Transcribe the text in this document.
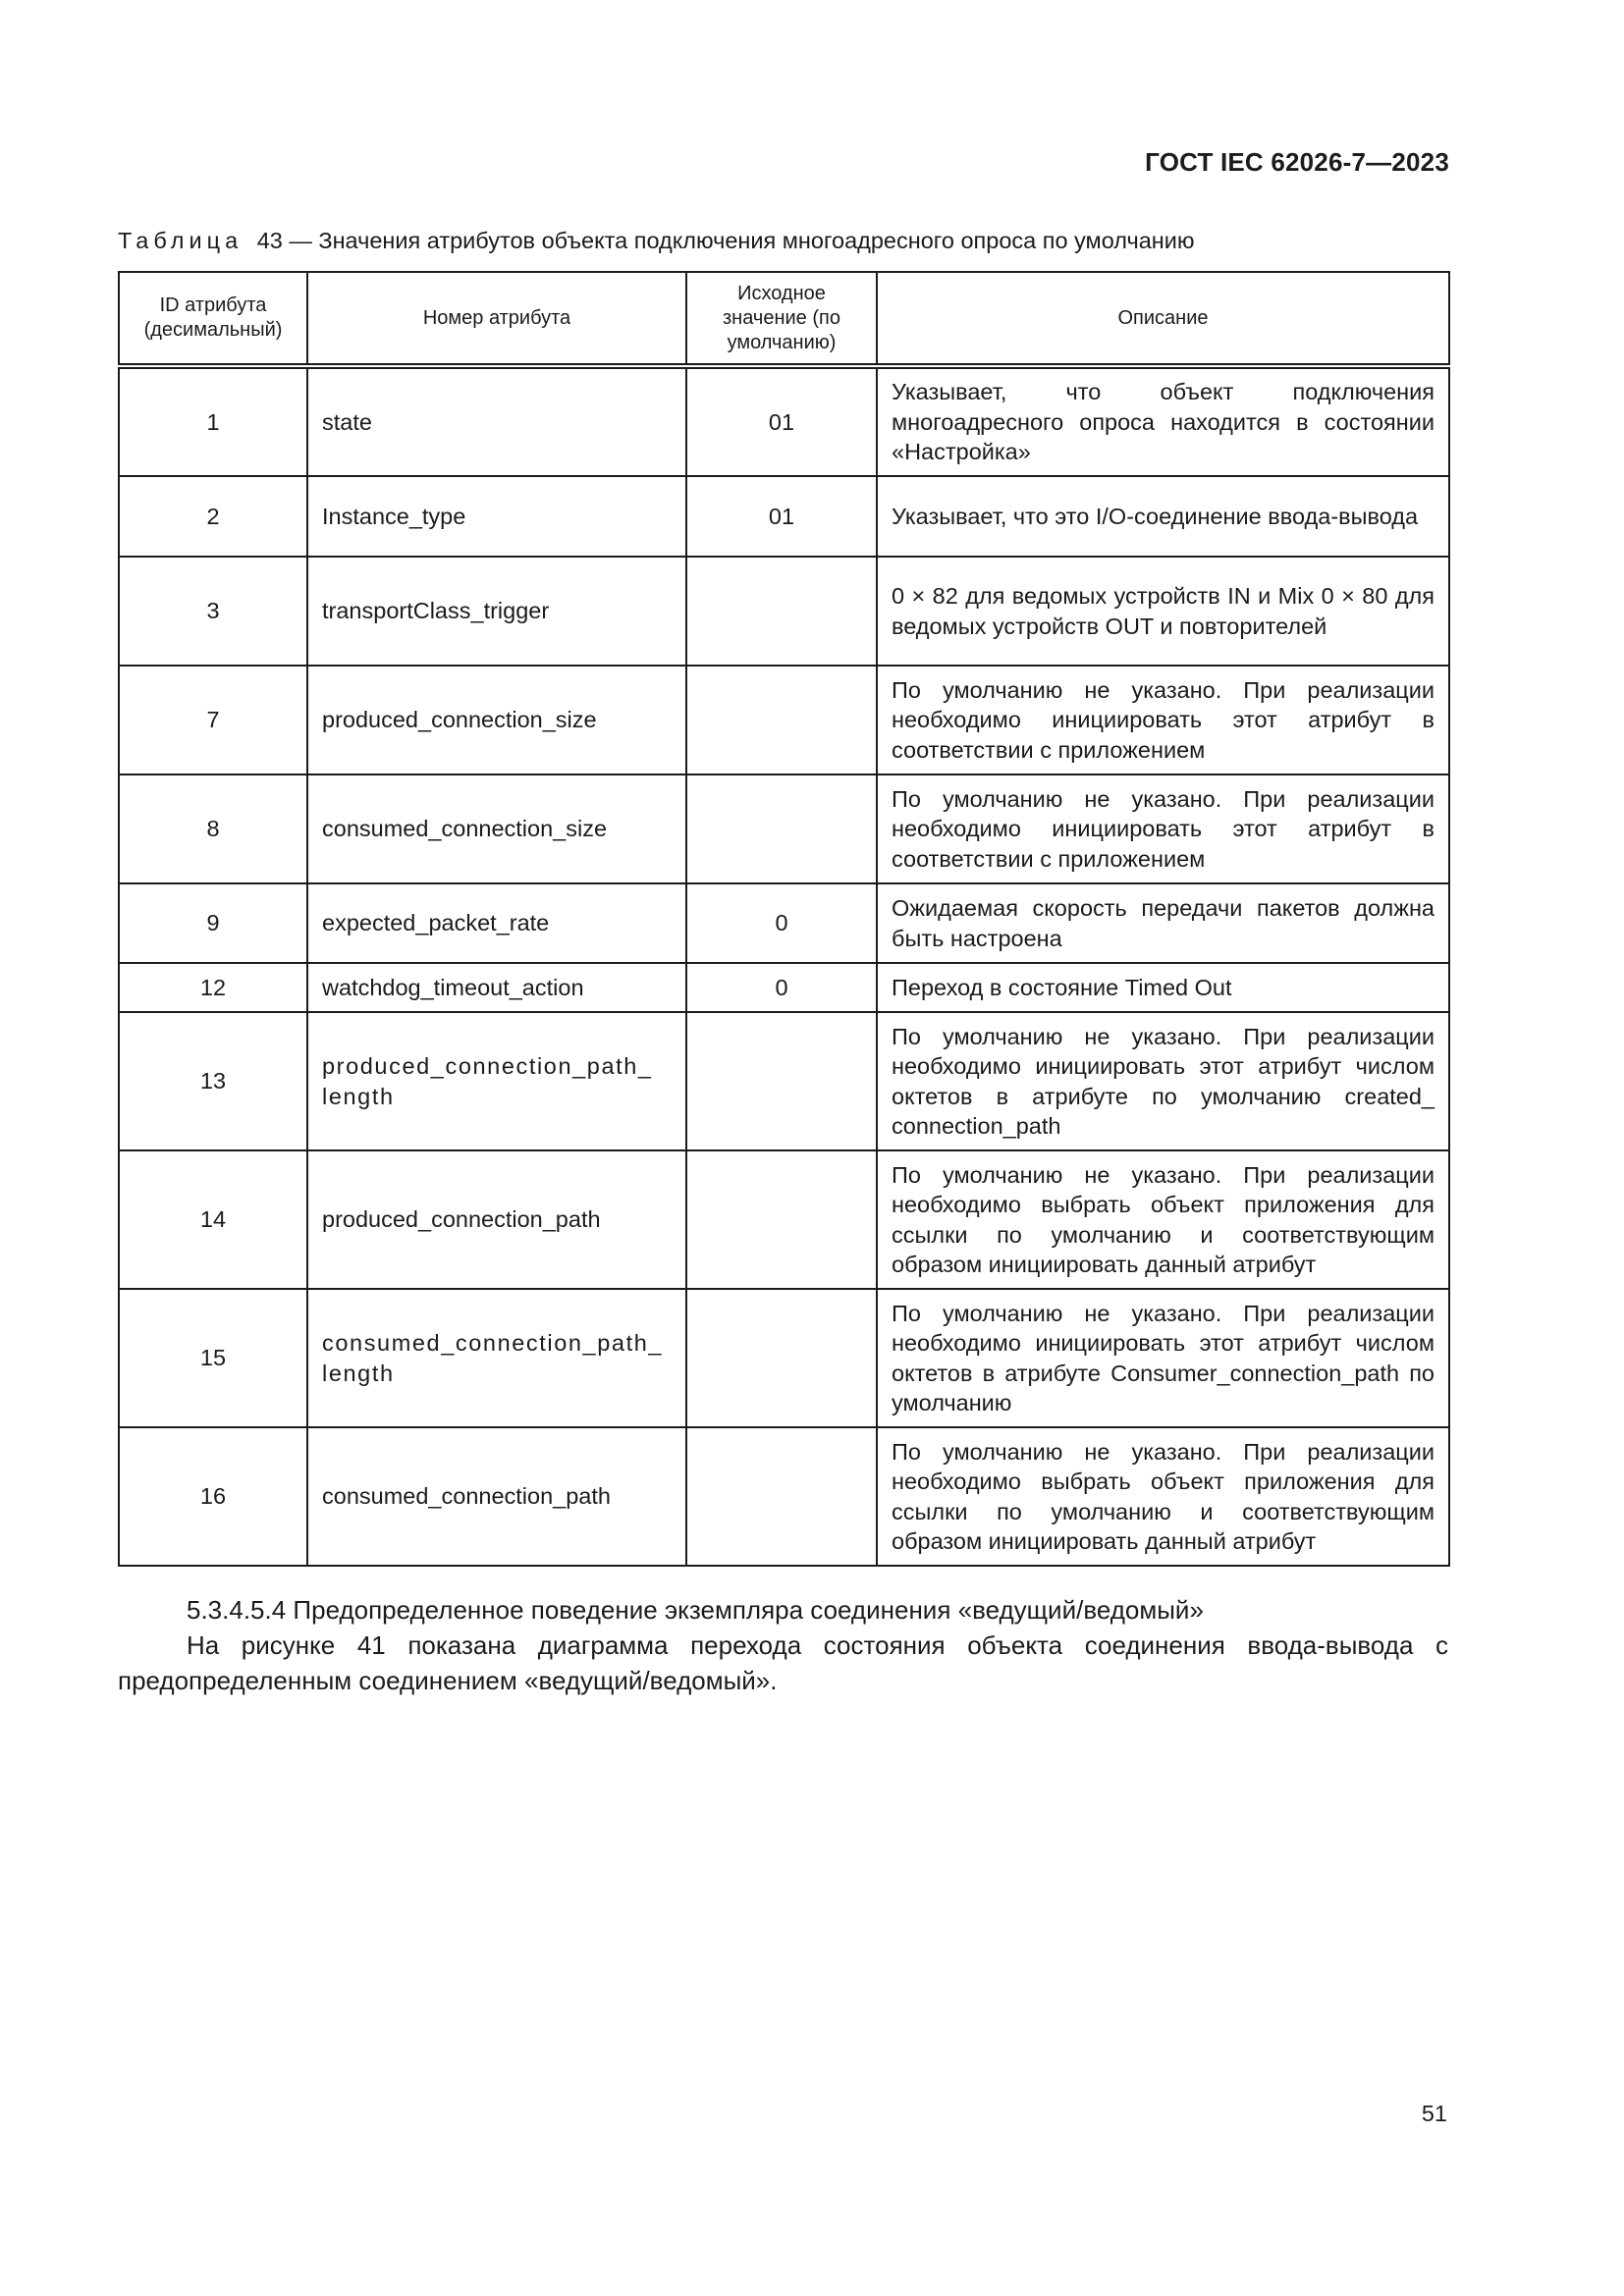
ГОСТ IEC 62026-7—2023
Таблица 43 — Значения атрибутов объекта подключения многоадресного опроса по умолчанию
ID атрибута (десимальный)	Номер атрибута	Исходное значение (по умолчанию)	Описание
1	state	01	Указывает, что объект подключения многоадресного опроса находится в состоянии «Настройка»
2	Instance_type	01	Указывает, что это I/O-соединение ввода-вывода
3	transportClass_trigger		0 × 82 для ведомых устройств IN и Mix 0 × 80 для ведомых устройств OUT и повторителей
7	produced_connection_size		По умолчанию не указано. При реализации необходимо инициировать этот атрибут в соответствии с приложением
8	consumed_connection_size		По умолчанию не указано. При реализации необходимо инициировать этот атрибут в соответствии с приложением
9	expected_packet_rate	0	Ожидаемая скорость передачи пакетов должна быть настроена
12	watchdog_timeout_action	0	Переход в состояние Timed Out
13	produced_connection_path_ length		По умолчанию не указано. При реализации необходимо инициировать этот атрибут числом октетов в атрибуте по умолчанию created_ connection_path
14	produced_connection_path		По умолчанию не указано. При реализации необходимо выбрать объект приложения для ссылки по умолчанию и соответствующим образом инициировать данный атрибут
15	consumed_connection_path_ length		По умолчанию не указано. При реализации необходимо инициировать этот атрибут числом октетов в атрибуте Consumer_connection_path по умолчанию
16	consumed_connection_path		По умолчанию не указано. При реализации необходимо выбрать объект приложения для ссылки по умолчанию и соответствующим образом инициировать данный атрибут

5.3.4.5.4 Предопределенное поведение экземпляра соединения «ведущий/ведомый»

На рисунке 41 показана диаграмма перехода состояния объекта соединения ввода-вывода с предопределенным соединением «ведущий/ведомый».

51
